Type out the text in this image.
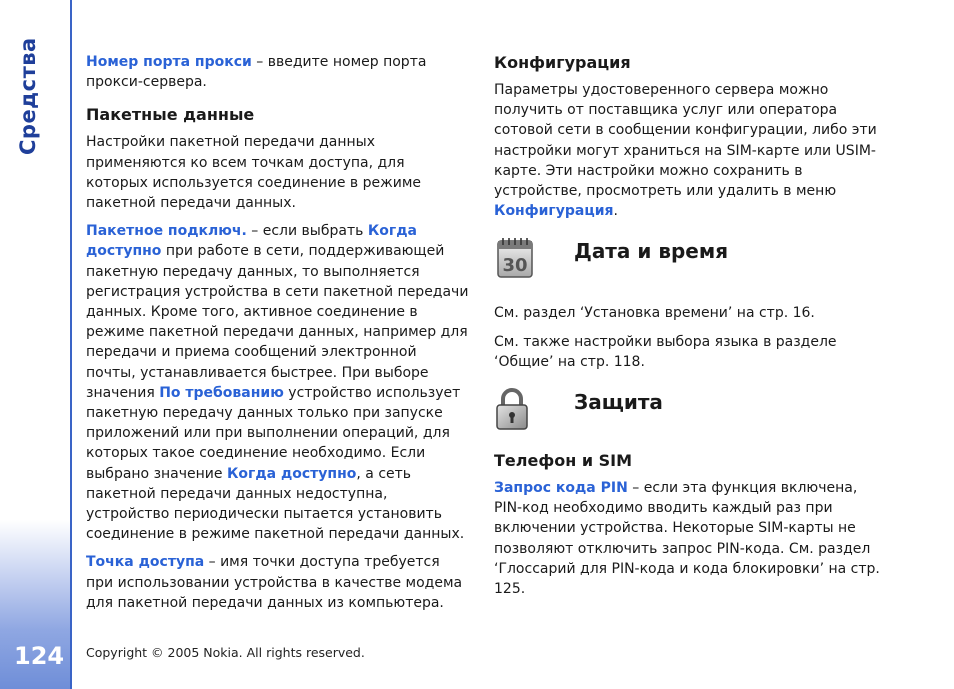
Средства
124

Номер порта прокси – введите номер порта прокси-сервера.

Пакетные данные

Настройки пакетной передачи данных применяются ко всем точкам доступа, для которых используется соединение в режиме пакетной передачи данных.

Пакетное подключ. – если выбрать Когда доступно при работе в сети, поддерживающей пакетную передачу данных, то выполняется регистрация устройства в сети пакетной передачи данных. Кроме того, активное соединение в режиме пакетной передачи данных, например для передачи и приема сообщений электронной почты, устанавливается быстрее. При выборе значения По требованию устройство использует пакетную передачу данных только при запуске приложений или при выполнении операций, для которых такое соединение необходимо. Если выбрано значение Когда доступно, а сеть пакетной передачи данных недоступна, устройство периодически пытается установить соединение в режиме пакетной передачи данных.

Точка доступа – имя точки доступа требуется при использовании устройства в качестве модема для пакетной передачи данных из компьютера.

Конфигурация

Параметры удостоверенного сервера можно получить от поставщика услуг или оператора сотовой сети в сообщении конфигурации, либо эти настройки могут храниться на SIM-карте или USIM-карте. Эти настройки можно сохранить в устройстве, просмотреть или удалить в меню Конфигурация.

30
Дата и время

См. раздел ‘Установка времени’ на стр. 16.

См. также настройки выбора языка в разделе ‘Общие’ на стр. 118.

Защита
Телефон и SIM

Запрос кода PIN – если эта функция включена, PIN-код необходимо вводить каждый раз при включении устройства. Некоторые SIM-карты не позволяют отключить запрос PIN-кода. См. раздел ‘Глоссарий для PIN-кода и кода блокировки’ на стр. 125.

Copyright © 2005 Nokia. All rights reserved.
